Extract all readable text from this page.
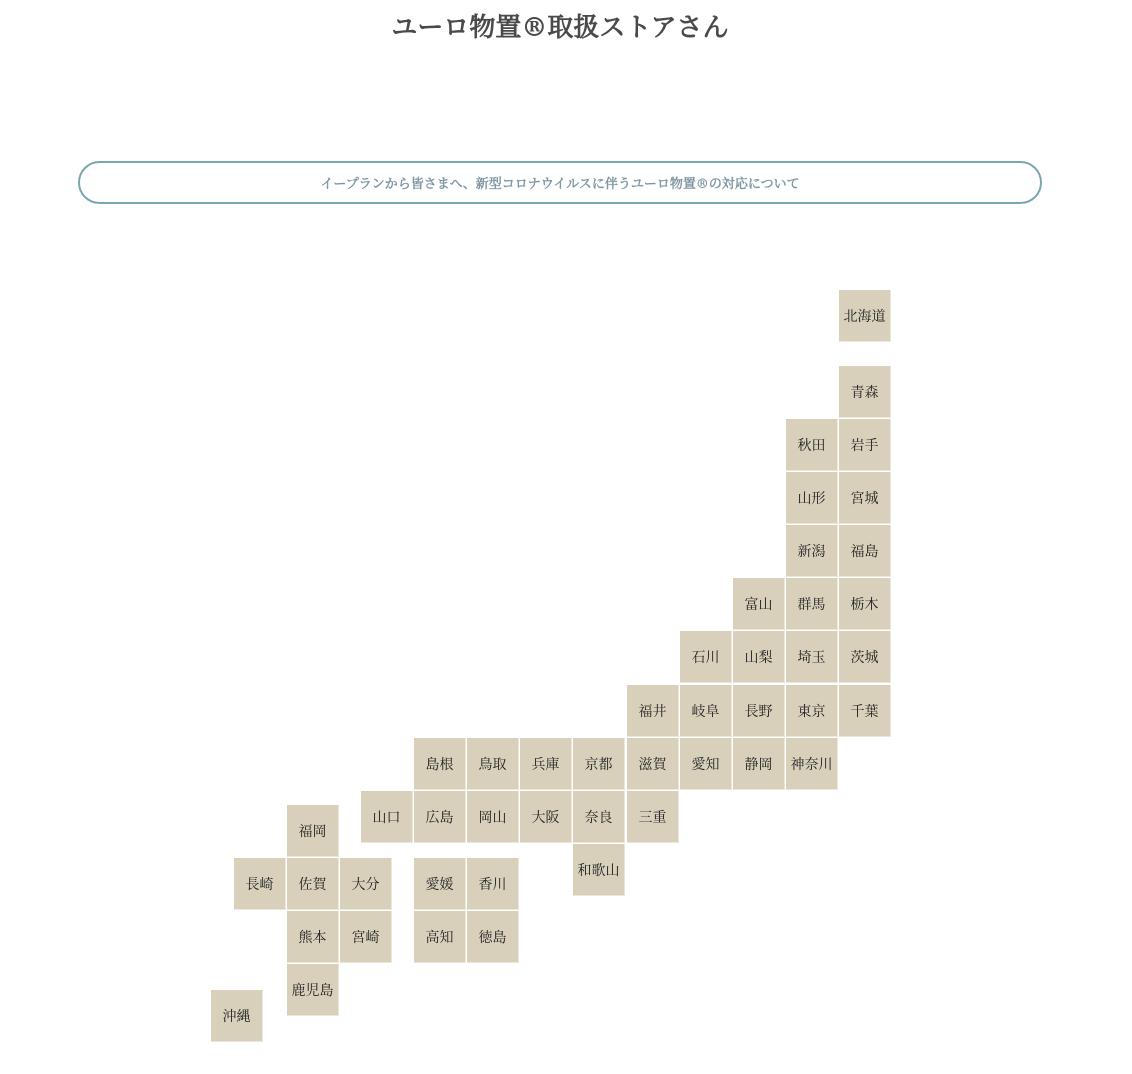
ユーロ物置®取扱ストアさん
イープランから皆さまへ、新型コロナウイルスに伴うユーロ物置®の対応について
北海道
青森
秋田	岩手
山形	宮城
新潟	福島
富山	群馬	栃木
石川	山梨	埼玉	茨城
福井	岐阜	長野	東京	千葉
島根	鳥取	兵庫	京都	滋賀	愛知	静岡	神奈川
山口	広島	岡山	大阪	奈良	三重
福岡
和歌山
長崎	佐賀	大分	愛媛	香川
熊本	宮崎	高知	徳島
鹿児島
沖縄
